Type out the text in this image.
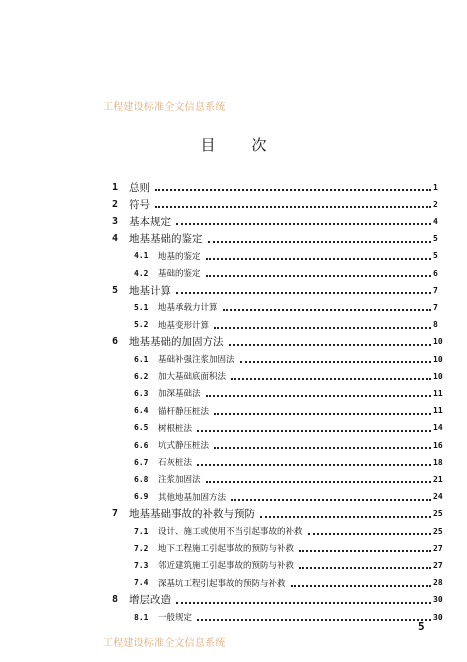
工程建设标准全文信息系统
目 次
1	总则	1
2	符号	2
3	基本规定	4
4	地基基础的鉴定	5
4.1	地基的鉴定	5
4.2	基础的鉴定	6
5	地基计算	7
5.1	地基承载力计算	7
5.2	地基变形计算	8
6	地基基础的加固方法	10
6.1	基础补强注浆加固法	10
6.2	加大基础底面积法	10
6.3	加深基础法	11
6.4	锚杆静压桩法	11
6.5	树根桩法	14
6.6	坑式静压桩法	16
6.7	石灰桩法	18
6.8	注浆加固法	21
6.9	其他地基加固方法	24
7	地基基础事故的补救与预防	25
7.1	设计、施工或使用不当引起事故的补救	25
7.2	地下工程施工引起事故的预防与补救	27
7.3	邻近建筑施工引起事故的预防与补救	27
7.4	深基坑工程引起事故的预防与补救	28
8	增层改造	30
8.1	一般规定	30
5
工程建设标准全文信息系统
